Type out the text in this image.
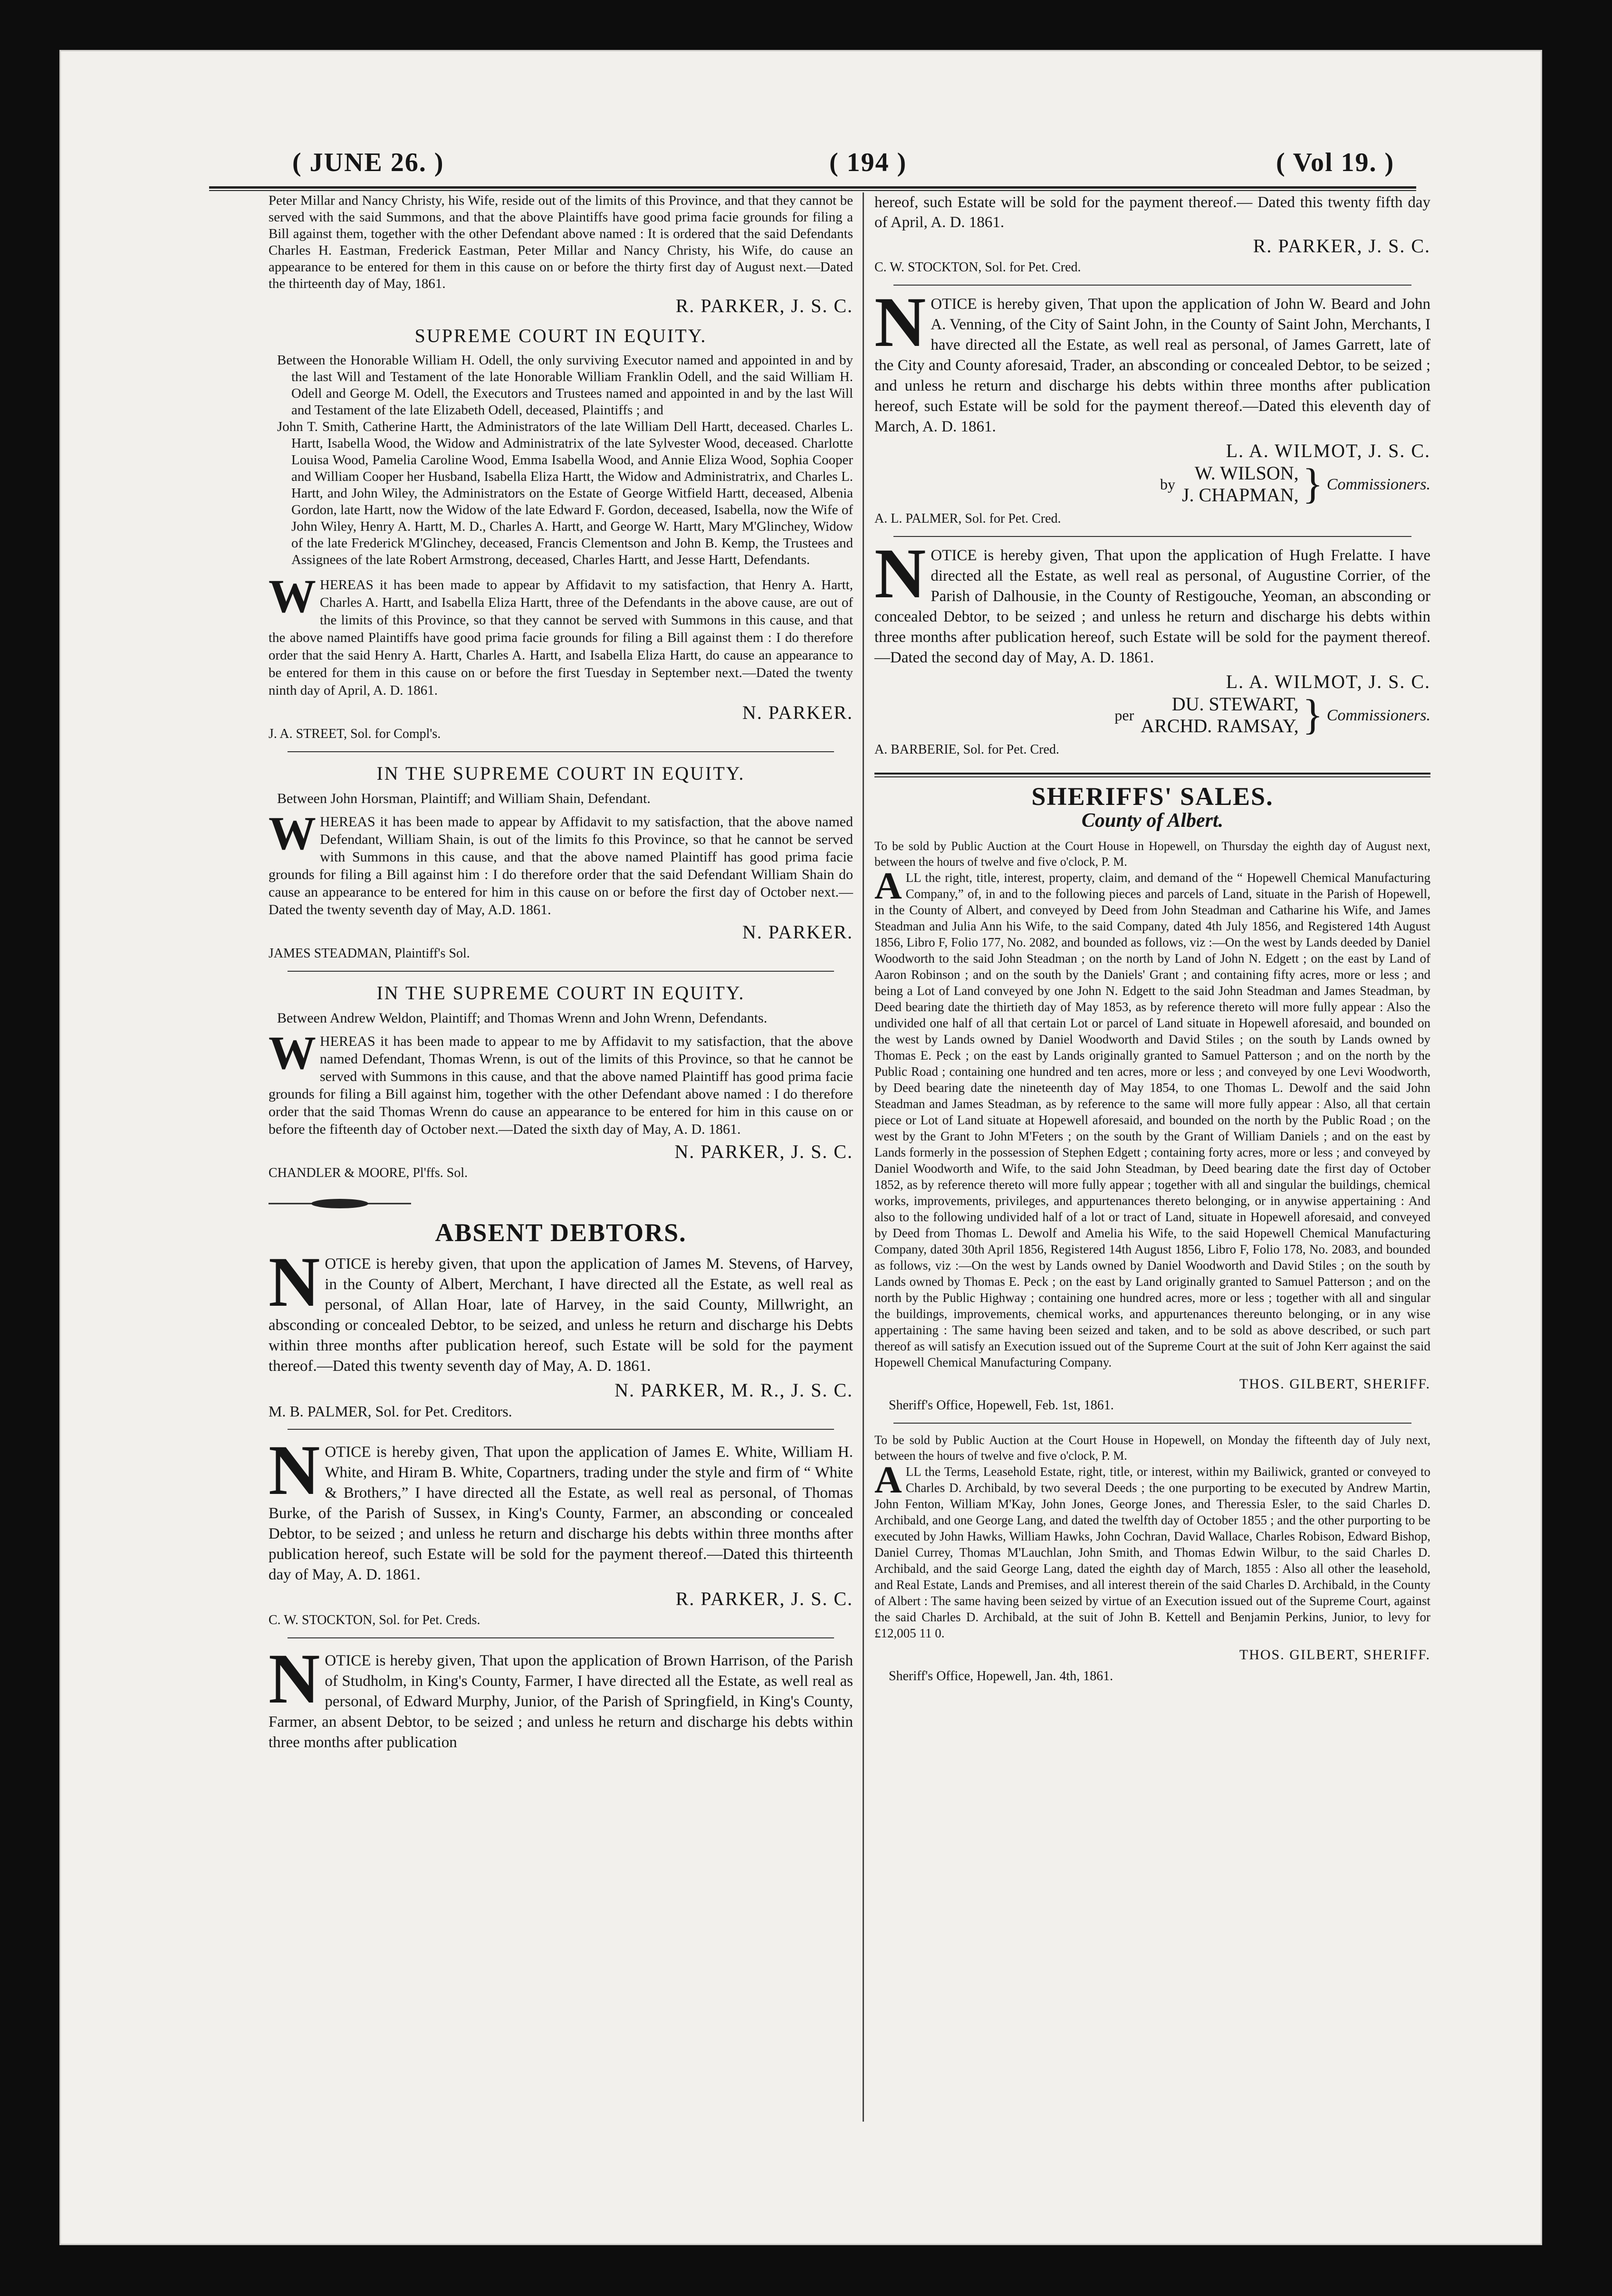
( JUNE 26. )	( 194 )	( Vol 19. )

Peter Millar and Nancy Christy, his Wife, reside out of the limits of this Province, and that they cannot be served with the said Summons, and that the above Plaintiffs have good prima facie grounds for filing a Bill against them, together with the other Defendant above named : It is ordered that the said Defendants Charles H. Eastman, Frederick Eastman, Peter Millar and Nancy Christy, his Wife, do cause an appearance to be entered for them in this cause on or before the thirty first day of August next.—Dated the thirteenth day of May, 1861.

R. PARKER, J. S. C.
SUPREME COURT IN EQUITY.

Between the Honorable William H. Odell, the only surviving Executor named and appointed in and by the last Will and Testament of the late Honorable William Franklin Odell, and the said William H. Odell and George M. Odell, the Executors and Trustees named and appointed in and by the last Will and Testament of the late Elizabeth Odell, deceased, Plaintiffs ; and

John T. Smith, Catherine Hartt, the Administrators of the late William Dell Hartt, deceased. Charles L. Hartt, Isabella Wood, the Widow and Administratrix of the late Sylvester Wood, deceased. Charlotte Louisa Wood, Pamelia Caroline Wood, Emma Isabella Wood, and Annie Eliza Wood, Sophia Cooper and William Cooper her Husband, Isabella Eliza Hartt, the Widow and Administratrix, and Charles L. Hartt, and John Wiley, the Administrators on the Estate of George Witfield Hartt, deceased, Albenia Gordon, late Hartt, now the Widow of the late Edward F. Gordon, deceased, Isabella, now the Wife of John Wiley, Henry A. Hartt, M. D., Charles A. Hartt, and George W. Hartt, Mary M'Glinchey, Widow of the late Frederick M'Glinchey, deceased, Francis Clementson and John B. Kemp, the Trustees and Assignees of the late Robert Armstrong, deceased, Charles Hartt, and Jesse Hartt, Defendants.

W HEREAS it has been made to appear by Affidavit to my satisfaction, that Henry A. Hartt, Charles A. Hartt, and Isabella Eliza Hartt, three of the Defendants in the above cause, are out of the limits of this Province, so that they cannot be served with Summons in this cause, and that the above named Plaintiffs have good prima facie grounds for filing a Bill against them : I do therefore order that the said Henry A. Hartt, Charles A. Hartt, and Isabella Eliza Hartt, do cause an appearance to be entered for them in this cause on or before the first Tuesday in September next.—Dated the twenty ninth day of April, A. D. 1861.
N. PARKER.
J. A. STREET, Sol. for Compl's.
IN THE SUPREME COURT IN EQUITY.

Between John Horsman, Plaintiff; and William Shain, Defendant.

W HEREAS it has been made to appear by Affidavit to my satisfaction, that the above named Defendant, William Shain, is out of the limits fo this Province, so that he cannot be served with Summons in this cause, and that the above named Plaintiff has good prima facie grounds for filing a Bill against him : I do therefore order that the said Defendant William Shain do cause an appearance to be entered for him in this cause on or before the first day of October next.—Dated the twenty seventh day of May, A.D. 1861.
N. PARKER.
JAMES STEADMAN, Plaintiff's Sol.
IN THE SUPREME COURT IN EQUITY.

Between Andrew Weldon, Plaintiff; and Thomas Wrenn and John Wrenn, Defendants.

W HEREAS it has been made to appear to me by Affidavit to my satisfaction, that the above named Defendant, Thomas Wrenn, is out of the limits of this Province, so that he cannot be served with Summons in this cause, and that the above named Plaintiff has good prima facie grounds for filing a Bill against him, together with the other Defendant above named : I do therefore order that the said Thomas Wrenn do cause an appearance to be entered for him in this cause on or before the fifteenth day of October next.—Dated the sixth day of May, A. D. 1861.
N. PARKER, J. S. C.
CHANDLER & MOORE, Pl'ffs. Sol.
ABSENT DEBTORS.
N OTICE is hereby given, that upon the application of James M. Stevens, of Harvey, in the County of Albert, Merchant, I have directed all the Estate, as well real as personal, of Allan Hoar, late of Harvey, in the said County, Millwright, an absconding or concealed Debtor, to be seized, and unless he return and discharge his Debts within three months after publication hereof, such Estate will be sold for the payment thereof.—Dated this twenty seventh day of May, A. D. 1861.
N. PARKER, M. R., J. S. C.
M. B. PALMER, Sol. for Pet. Creditors.
N OTICE is hereby given, That upon the application of James E. White, William H. White, and Hiram B. White, Copartners, trading under the style and firm of “ White & Brothers,” I have directed all the Estate, as well real as personal, of Thomas Burke, of the Parish of Sussex, in King's County, Farmer, an absconding or concealed Debtor, to be seized ; and unless he return and discharge his debts within three months after publication hereof, such Estate will be sold for the payment thereof.—Dated this thirteenth day of May, A. D. 1861.
R. PARKER, J. S. C.
C. W. STOCKTON, Sol. for Pet. Creds.
N OTICE is hereby given, That upon the application of Brown Harrison, of the Parish of Studholm, in King's County, Farmer, I have directed all the Estate, as well real as personal, of Edward Murphy, Junior, of the Parish of Springfield, in King's County, Farmer, an absent Debtor, to be seized ; and unless he return and discharge his debts within three months after publication

hereof, such Estate will be sold for the payment thereof.— Dated this twenty fifth day of April, A. D. 1861.

R. PARKER, J. S. C.
C. W. STOCKTON, Sol. for Pet. Cred.
N OTICE is hereby given, That upon the application of John W. Beard and John A. Venning, of the City of Saint John, in the County of Saint John, Merchants, I have directed all the Estate, as well real as personal, of James Garrett, late of the City and County aforesaid, Trader, an absconding or concealed Debtor, to be seized ; and unless he return and discharge his debts within three months after publication hereof, such Estate will be sold for the payment thereof.—Dated this eleventh day of March, A. D. 1861.
L. A. WILMOT, J. S. C.
by
W. WILSON,
J. CHAPMAN, } Commissioners.
A. L. PALMER, Sol. for Pet. Cred.
N OTICE is hereby given, That upon the application of Hugh Frelatte. I have directed all the Estate, as well real as personal, of Augustine Corrier, of the Parish of Dalhousie, in the County of Restigouche, Yeoman, an absconding or concealed Debtor, to be seized ; and unless he return and discharge his debts within three months after publication hereof, such Estate will be sold for the payment thereof.—Dated the second day of May, A. D. 1861.
L. A. WILMOT, J. S. C.
per
DU. STEWART,
ARCHD. RAMSAY, } Commissioners.
A. BARBERIE, Sol. for Pet. Cred.
SHERIFFS' SALES.
County of Albert.

To be sold by Public Auction at the Court House in Hopewell, on Thursday the eighth day of August next, between the hours of twelve and five o'clock, P. M.

A LL the right, title, interest, property, claim, and demand of the “ Hopewell Chemical Manufacturing Company,” of, in and to the following pieces and parcels of Land, situate in the Parish of Hopewell, in the County of Albert, and conveyed by Deed from John Steadman and Catharine his Wife, and James Steadman and Julia Ann his Wife, to the said Company, dated 4th July 1856, and Registered 14th August 1856, Libro F, Folio 177, No. 2082, and bounded as follows, viz :—On the west by Lands deeded by Daniel Woodworth to the said John Steadman ; on the north by Land of John N. Edgett ; on the east by Land of Aaron Robinson ; and on the south by the Daniels' Grant ; and containing fifty acres, more or less ; and being a Lot of Land conveyed by one John N. Edgett to the said John Steadman and James Steadman, by Deed bearing date the thirtieth day of May 1853, as by reference thereto will more fully appear : Also the undivided one half of all that certain Lot or parcel of Land situate in Hopewell aforesaid, and bounded on the west by Lands owned by Daniel Woodworth and David Stiles ; on the south by Lands owned by Thomas E. Peck ; on the east by Lands originally granted to Samuel Patterson ; and on the north by the Public Road ; containing one hundred and ten acres, more or less ; and conveyed by one Levi Woodworth, by Deed bearing date the nineteenth day of May 1854, to one Thomas L. Dewolf and the said John Steadman and James Steadman, as by reference to the same will more fully appear : Also, all that certain piece or Lot of Land situate at Hopewell aforesaid, and bounded on the north by the Public Road ; on the west by the Grant to John M'Feters ; on the south by the Grant of William Daniels ; and on the east by Lands formerly in the possession of Stephen Edgett ; containing forty acres, more or less ; and conveyed by Daniel Woodworth and Wife, to the said John Steadman, by Deed bearing date the first day of October 1852, as by reference thereto will more fully appear ; together with all and singular the buildings, chemical works, improvements, privileges, and appurtenances thereto belonging, or in anywise appertaining : And also to the following undivided half of a lot or tract of Land, situate in Hopewell aforesaid, and conveyed by Deed from Thomas L. Dewolf and Amelia his Wife, to the said Hopewell Chemical Manufacturing Company, dated 30th April 1856, Registered 14th August 1856, Libro F, Folio 178, No. 2083, and bounded as follows, viz :—On the west by Lands owned by Daniel Woodworth and David Stiles ; on the south by Lands owned by Thomas E. Peck ; on the east by Land originally granted to Samuel Patterson ; and on the north by the Public Highway ; containing one hundred acres, more or less ; together with all and singular the buildings, improvements, chemical works, and appurtenances thereunto belonging, or in any wise appertaining : The same having been seized and taken, and to be sold as above described, or such part thereof as will satisfy an Execution issued out of the Supreme Court at the suit of John Kerr against the said Hopewell Chemical Manufacturing Company.
THOS. GILBERT, SHERIFF.
Sheriff's Office, Hopewell, Feb. 1st, 1861.

To be sold by Public Auction at the Court House in Hopewell, on Monday the fifteenth day of July next, between the hours of twelve and five o'clock, P. M.

A LL the Terms, Leasehold Estate, right, title, or interest, within my Bailiwick, granted or conveyed to Charles D. Archibald, by two several Deeds ; the one purporting to be executed by Andrew Martin, John Fenton, William M'Kay, John Jones, George Jones, and Theressia Esler, to the said Charles D. Archibald, and one George Lang, and dated the twelfth day of October 1855 ; and the other purporting to be executed by John Hawks, William Hawks, John Cochran, David Wallace, Charles Robison, Edward Bishop, Daniel Currey, Thomas M'Lauchlan, John Smith, and Thomas Edwin Wilbur, to the said Charles D. Archibald, and the said George Lang, dated the eighth day of March, 1855 : Also all other the leasehold, and Real Estate, Lands and Premises, and all interest therein of the said Charles D. Archibald, in the County of Albert : The same having been seized by virtue of an Execution issued out of the Supreme Court, against the said Charles D. Archibald, at the suit of John B. Kettell and Benjamin Perkins, Junior, to levy for £12,005 11 0.
THOS. GILBERT, SHERIFF.
Sheriff's Office, Hopewell, Jan. 4th, 1861.
